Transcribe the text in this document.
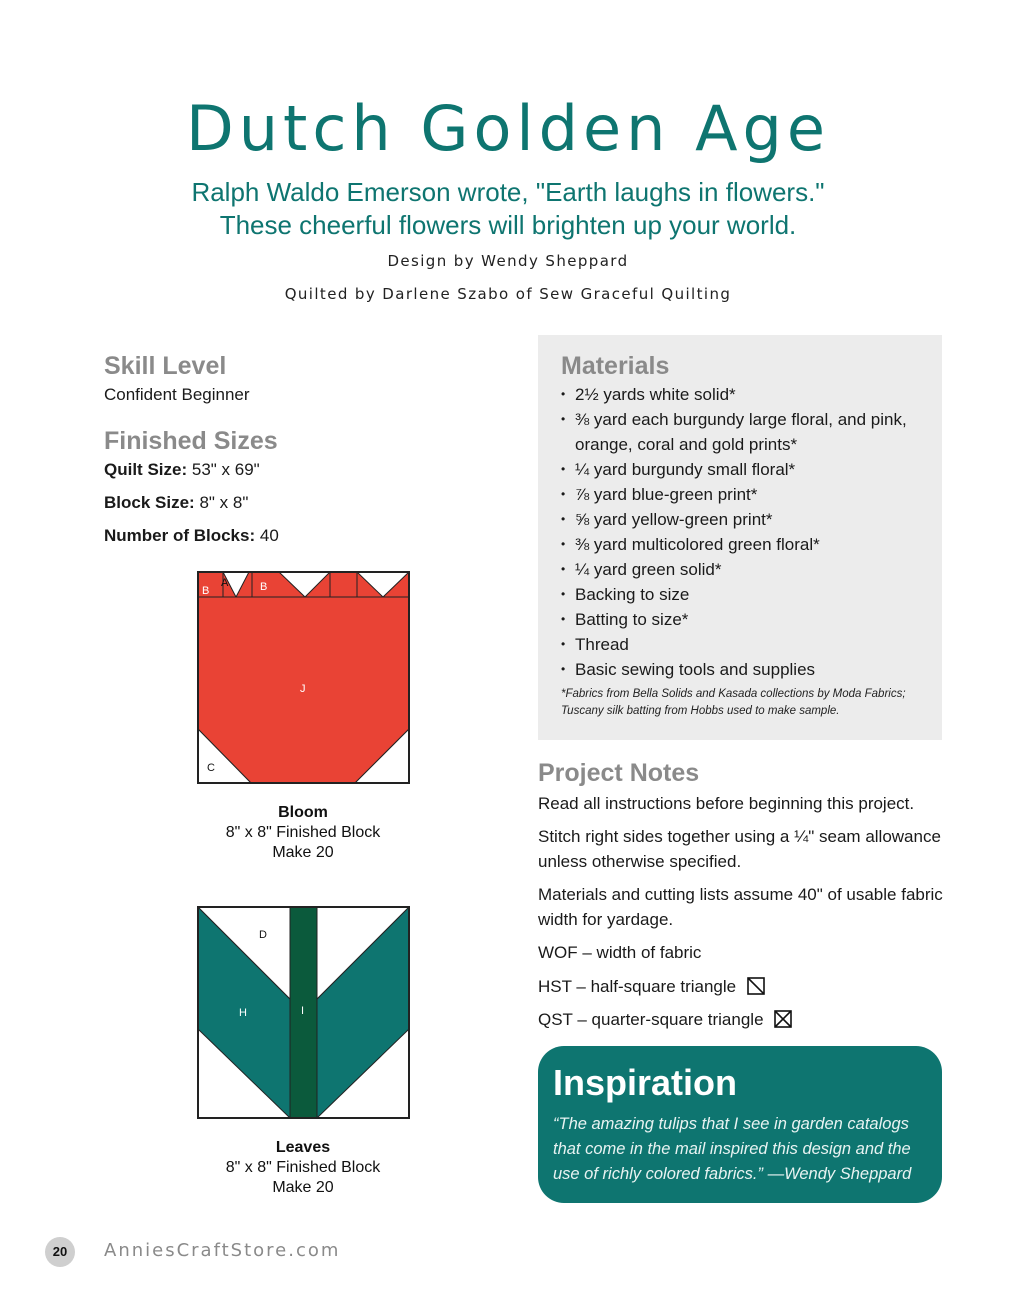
Dutch Golden Age
Ralph Waldo Emerson wrote, "Earth laughs in flowers."
These cheerful flowers will brighten up your world.
Design by Wendy Sheppard
Quilted by Darlene Szabo of Sew Graceful Quilting
Skill Level
Confident Beginner
Finished Sizes
Quilt Size: 53" x 69"
Block Size: 8" x 8"
Number of Blocks: 40
B
A	B
J
C
Bloom
8" x 8" Finished Block
Make 20
D
H	I
Leaves
8" x 8" Finished Block
Make 20
Materials
• 2½ yards white solid*
• ⅜ yard each burgundy large floral, and pink,
orange, coral and gold prints*
• ¼ yard burgundy small floral*
• ⅞ yard blue-green print*
• ⅝ yard yellow-green print*
• ⅜ yard multicolored green floral*
• ¼ yard green solid*
• Backing to size
• Batting to size*
• Thread
• Basic sewing tools and supplies
*Fabrics from Bella Solids and Kasada collections by Moda Fabrics;
Tuscany silk batting from Hobbs used to make sample.
Project Notes
Read all instructions before beginning this project.
Stitch right sides together using a ¼" seam allowance
unless otherwise specified.
Materials and cutting lists assume 40" of usable fabric
width for yardage.
WOF – width of fabric
HST – half-square triangle
QST – quarter-square triangle
Inspiration
“The amazing tulips that I see in garden catalogs
that come in the mail inspired this design and the
use of richly colored fabrics.” —Wendy Sheppard
20	AnniesCraftStore.com
